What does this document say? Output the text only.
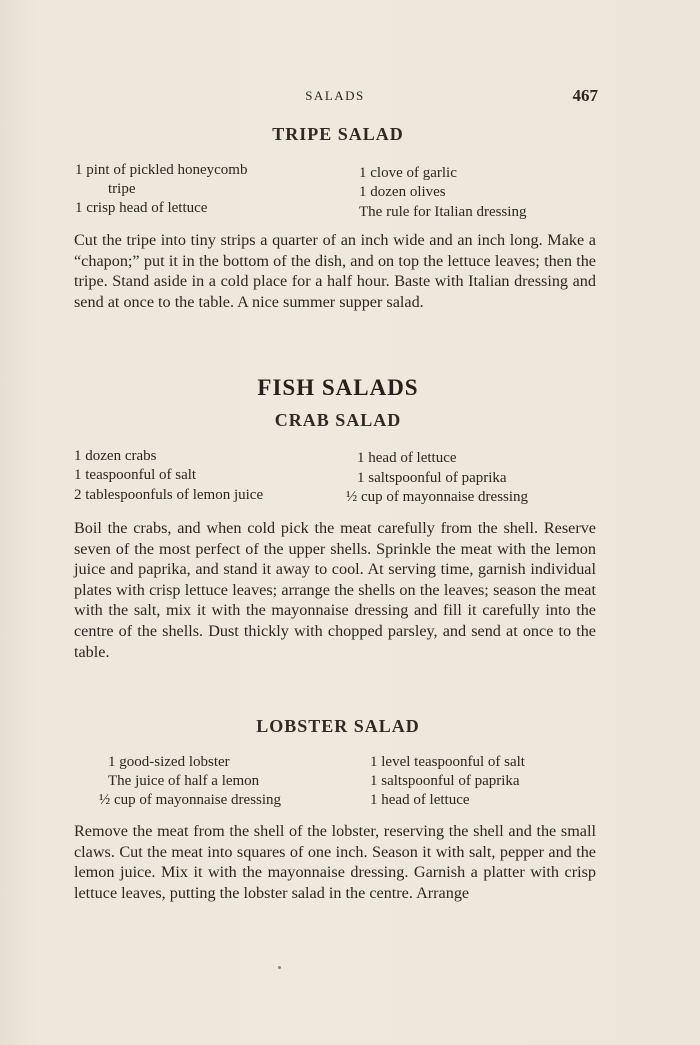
SALADS	467
TRIPE SALAD
1 pint of pickled honeycomb
tripe
1 crisp head of lettuce
1 clove of garlic
1 dozen olives
The rule for Italian dressing
Cut the tripe into tiny strips a quarter of an inch wide and an inch long. Make a “chapon;” put it in the bottom of the dish, and on top the lettuce leaves; then the tripe. Stand aside in a cold place for a half hour. Baste with Italian dressing and send at once to the table. A nice summer supper salad.
FISH SALADS
CRAB SALAD
1 dozen crabs
1 teaspoonful of salt
2 tablespoonfuls of lemon juice
1 head of lettuce
1 saltspoonful of paprika
½ cup of mayonnaise dressing
Boil the crabs, and when cold pick the meat carefully from the shell. Reserve seven of the most perfect of the upper shells. Sprinkle the meat with the lemon juice and paprika, and stand it away to cool. At serving time, garnish individual plates with crisp lettuce leaves; arrange the shells on the leaves; season the meat with the salt, mix it with the mayonnaise dressing and fill it carefully into the centre of the shells. Dust thickly with chopped parsley, and send at once to the table.
LOBSTER SALAD
1 good-sized lobster
The juice of half a lemon
½ cup of mayonnaise dressing
1 level teaspoonful of salt
1 saltspoonful of paprika
1 head of lettuce
Remove the meat from the shell of the lobster, reserving the shell and the small claws. Cut the meat into squares of one inch. Season it with salt, pepper and the lemon juice. Mix it with the mayonnaise dressing. Garnish a platter with crisp lettuce leaves, putting the lobster salad in the centre. Arrange
